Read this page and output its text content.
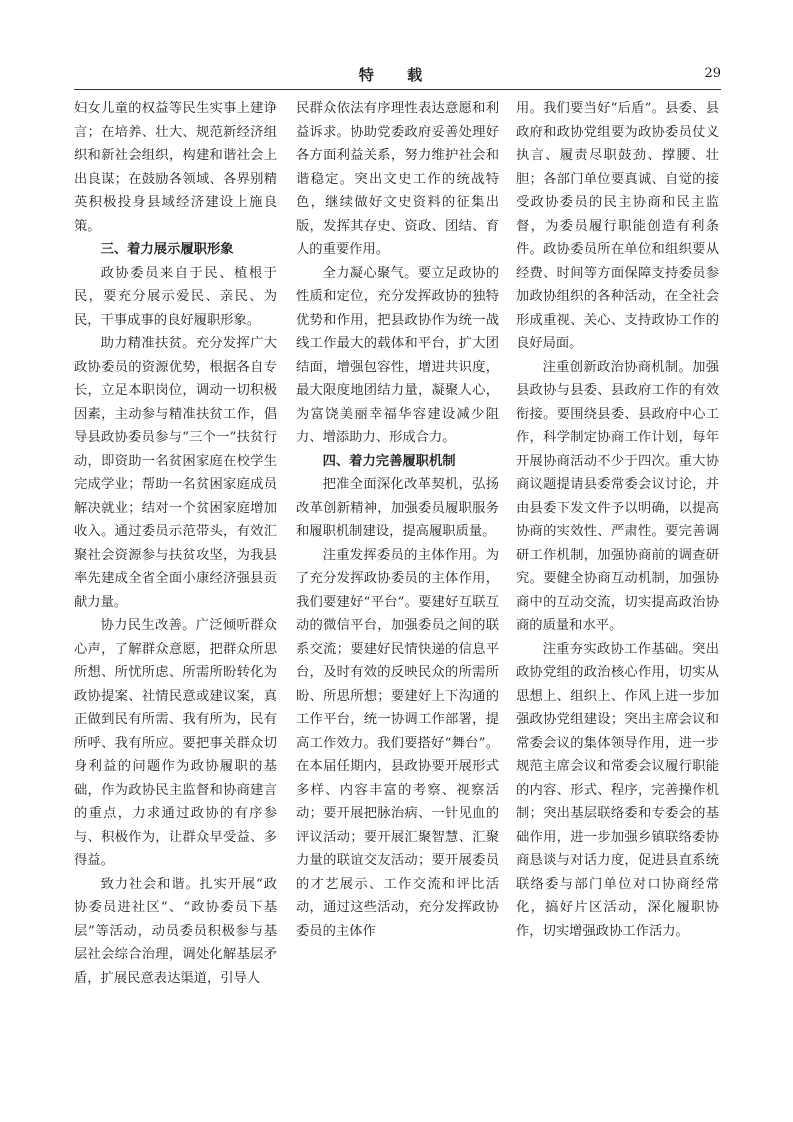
特 载	29

妇女儿童的权益等民生实事上建诤言；在培养、壮大、规范新经济组织和新社会组织，构建和谐社会上出良谋；在鼓励各领域、各界别精英积极投身县域经济建设上施良策。

三、着力展示履职形象

政协委员来自于民、植根于民，要充分展示爱民、亲民、为民，干事成事的良好履职形象。

助力精准扶贫。充分发挥广大政协委员的资源优势，根据各自专长，立足本职岗位，调动一切积极因素，主动参与精准扶贫工作，倡导县政协委员参与“三个一”扶贫行动，即资助一名贫困家庭在校学生完成学业；帮助一名贫困家庭成员解决就业；结对一个贫困家庭增加收入。通过委员示范带头，有效汇聚社会资源参与扶贫攻坚，为我县率先建成全省全面小康经济强县贡献力量。

协力民生改善。广泛倾听群众心声，了解群众意愿，把群众所思所想、所忧所虑、所需所盼转化为政协提案、社情民意或建议案，真正做到民有所需、我有所为，民有所呼、我有所应。要把事关群众切身利益的问题作为政协履职的基础，作为政协民主监督和协商建言的重点，力求通过政协的有序参与、积极作为，让群众早受益、多得益。

致力社会和谐。扎实开展“政协委员进社区”、“政协委员下基层”等活动，动员委员积极参与基层社会综合治理，调处化解基层矛盾，扩展民意表达渠道，引导人

民群众依法有序理性表达意愿和利益诉求。协助党委政府妥善处理好各方面利益关系，努力维护社会和谐稳定。突出文史工作的统战特色，继续做好文史资料的征集出版，发挥其存史、资政、团结、育人的重要作用。

全力凝心聚气。要立足政协的性质和定位，充分发挥政协的独特优势和作用，把县政协作为统一战线工作最大的载体和平台，扩大团结面，增强包容性，增进共识度，最大限度地团结力量，凝聚人心，为富饶美丽幸福华容建设减少阻力、增添助力、形成合力。

四、着力完善履职机制

把准全面深化改革契机，弘扬改革创新精神，加强委员履职服务和履职机制建设，提高履职质量。

注重发挥委员的主体作用。为了充分发挥政协委员的主体作用，我们要建好“平台”。要建好互联互动的微信平台，加强委员之间的联系交流；要建好民情快递的信息平台，及时有效的反映民众的所需所盼、所思所想；要建好上下沟通的工作平台，统一协调工作部署，提高工作效力。我们要搭好“舞台”。在本届任期内，县政协要开展形式多样、内容丰富的考察、视察活动；要开展把脉治病、一针见血的评议活动；要开展汇聚智慧、汇聚力量的联谊交友活动；要开展委员的才艺展示、工作交流和评比活动，通过这些活动，充分发挥政协委员的主体作

用。我们要当好“后盾”。县委、县政府和政协党组要为政协委员仗义执言、履责尽职鼓劲、撑腰、壮胆；各部门单位要真诚、自觉的接受政协委员的民主协商和民主监督，为委员履行职能创造有利条件。政协委员所在单位和组织要从经费、时间等方面保障支持委员参加政协组织的各种活动，在全社会形成重视、关心、支持政协工作的良好局面。

注重创新政治协商机制。加强县政协与县委、县政府工作的有效衔接。要围绕县委、县政府中心工作，科学制定协商工作计划，每年开展协商活动不少于四次。重大协商议题提请县委常委会议讨论，并由县委下发文件予以明确，以提高协商的实效性、严肃性。要完善调研工作机制，加强协商前的调查研究。要健全协商互动机制，加强协商中的互动交流，切实提高政治协商的质量和水平。

注重夯实政协工作基础。突出政协党组的政治核心作用，切实从思想上、组织上、作风上进一步加强政协党组建设；突出主席会议和常委会议的集体领导作用，进一步规范主席会议和常委会议履行职能的内容、形式、程序，完善操作机制；突出基层联络委和专委会的基础作用，进一步加强乡镇联络委协商恳谈与对话力度，促进县直系统联络委与部门单位对口协商经常化，搞好片区活动，深化履职协作，切实增强政协工作活力。
